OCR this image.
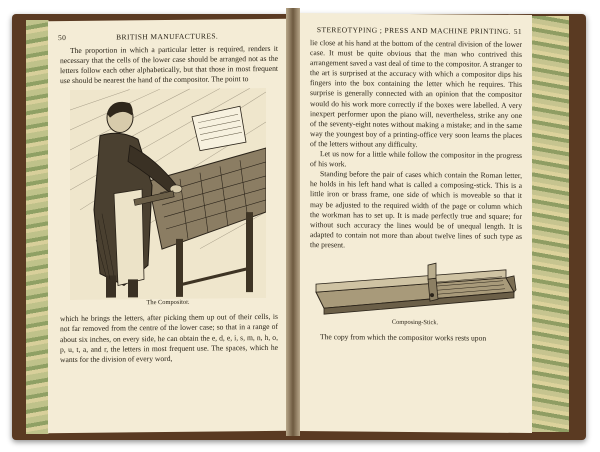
50	BRITISH MANUFACTURES.

The proportion in which a particular letter is required, renders it necessary that the cells of the lower case should be arranged not as the letters follow each other alphabetically, but that those in most frequent use should be nearest the hand of the compositor. The point to

The Compositor.

which he brings the letters, after picking them up out of their cells, is not far removed from the centre of the lower case; so that in a range of about six inches, on every side, he can obtain the e, d, e, i, s, m, n, h, o, p, u, t, a, and r, the letters in most frequent use. The spaces, which he wants for the division of every word,

STEREOTYPING ; PRESS AND MACHINE PRINTING. 51

lie close at his hand at the bottom of the central division of the lower case. It must be quite obvious that the man who contrived this arrangement saved a vast deal of time to the compositor. A stranger to the art is surprised at the accuracy with which a compositor dips his fingers into the box containing the letter which he requires. This surprise is generally connected with an opinion that the compositor would do his work more correctly if the boxes were labelled. A very inexpert performer upon the piano will, nevertheless, strike any one of the seventy-eight notes without making a mistake; and in the same way the youngest boy of a printing-office very soon learns the places of the letters without any difficulty.

Let us now for a little while follow the compositor in the progress of his work.

Standing before the pair of cases which contain the Roman letter, he holds in his left hand what is called a composing-stick. This is a little iron or brass frame, one side of which is moveable so that it may be adjusted to the required width of the page or column which the workman has to set up. It is made perfectly true and square; for without such accuracy the lines would be of unequal length. It is adapted to contain not more than about twelve lines of such type as the present.

Composing-Stick.

The copy from which the compositor works rests upon
